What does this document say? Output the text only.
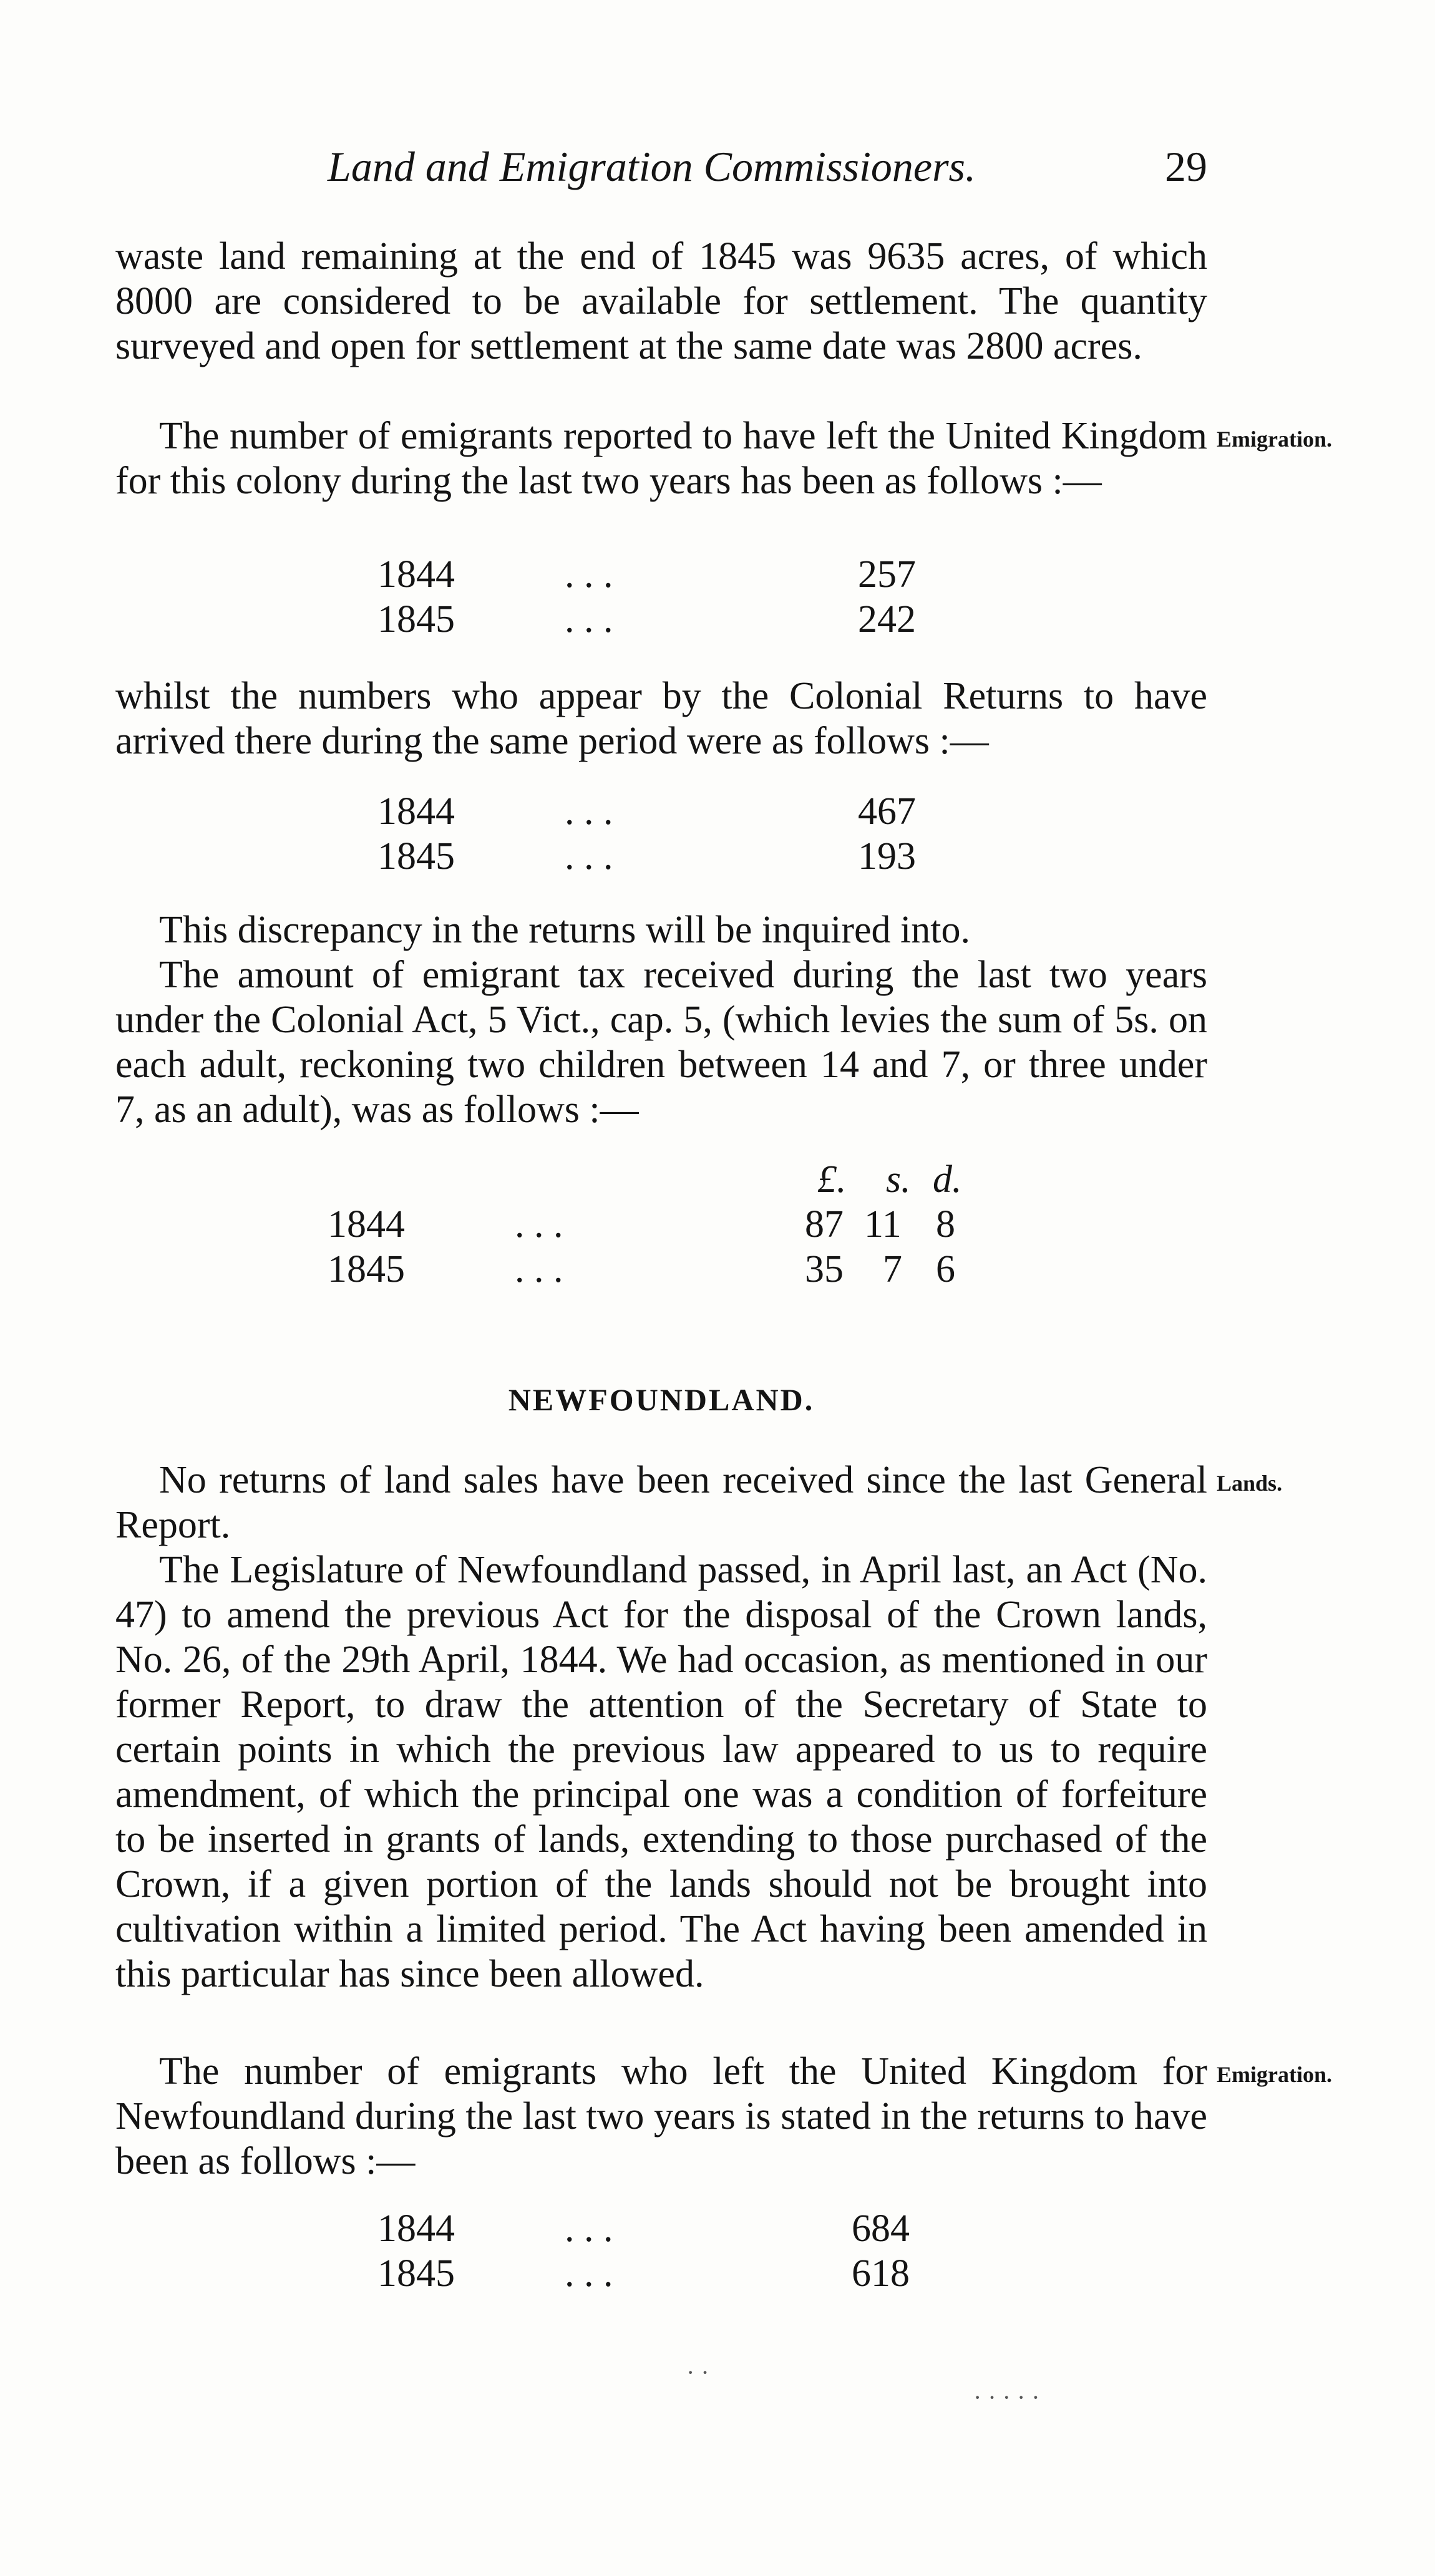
Land and Emigration Commissioners.	29

waste land remaining at the end of 1845 was 9635 acres, of which 8000 are considered to be available for settlement. The quantity surveyed and open for settlement at the same date was 2800 acres.

Emigration.

The number of emigrants reported to have left the United Kingdom for this colony during the last two years has been as follows :—

1844	. . .	257
1845	. . .	242

whilst the numbers who appear by the Colonial Returns to have arrived there during the same period were as follows :—

1844	. . .	467
1845	. . .	193

This discrepancy in the returns will be inquired into.

The amount of emigrant tax received during the last two years under the Colonial Act, 5 Vict., cap. 5, (which levies the sum of 5s. on each adult, reckoning two children between 14 and 7, or three under 7, as an adult), was as follows :—

£. s. d.
1844	. . .	87 11 8
1845	. . .	35 7 6
NEWFOUNDLAND.
Lands.

No returns of land sales have been received since the last General Report.

The Legislature of Newfoundland passed, in April last, an Act (No. 47) to amend the previous Act for the disposal of the Crown lands, No. 26, of the 29th April, 1844. We had occasion, as mentioned in our former Report, to draw the attention of the Secretary of State to certain points in which the previous law appeared to us to require amendment, of which the principal one was a condition of forfeiture to be inserted in grants of lands, extending to those purchased of the Crown, if a given portion of the lands should not be brought into cultivation within a limited period. The Act having been amended in this particular has since been allowed.

Emigration.

The number of emigrants who left the United Kingdom for Newfoundland during the last two years is stated in the returns to have been as follows :—

1844	. . .	684
1845	. . .	618
· · · · ·
· ·
